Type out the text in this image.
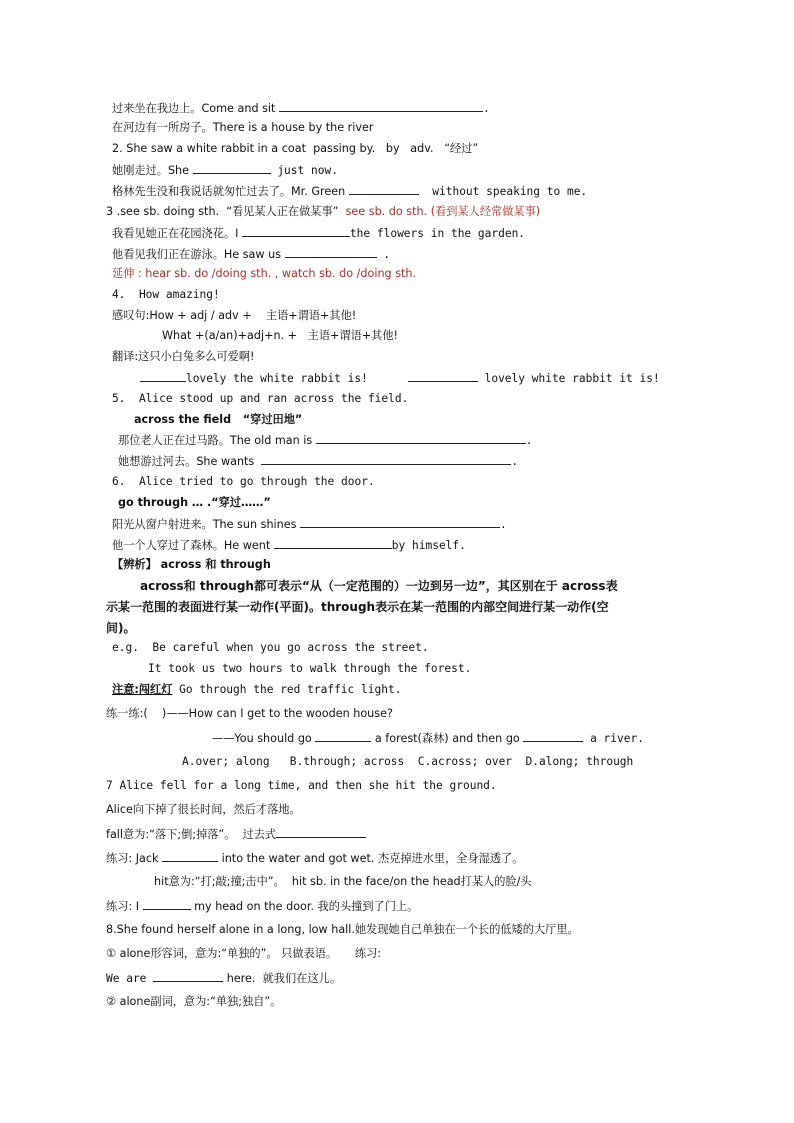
过来坐在我边上。Come and sit	.
在河边有一所房子。There is a house by the river
2. She saw a white rabbit in a coat  passing by.   by   adv.   “经过”
她刚走过。She	just now.
格林先生没和我说话就匆忙过去了。Mr. Green	without speaking to me.
3 .see sb. doing sth.  “看见某人正在做某事”  see sb. do sth. (看到某人经常做某事)
我看见她正在花园浇花。I	the flowers in the garden.
他看见我们正在游泳。He saw us	.
延伸 : hear sb. do /doing sth. , watch sb. do /doing sth.
4.  How amazing!
感叹句:How + adj / adv +    主语+谓语+其他!
What +(a/an)+adj+n. +   主语+谓语+其他!
翻译:这只小白兔多么可爱啊!
lovely the white rabbit is!	lovely white rabbit it is!
5.  Alice stood up and ran across the field.
across the field   “穿过田地”
那位老人正在过马路。The old man is	.
她想游过河去。She wants	.
6.  Alice tried to go through the door.
go through … .“穿过……”
阳光从窗户射进来。The sun shines	.
他一个人穿过了森林。He went	by himself.
【辨析】 across 和 through
across和 through都可表示“从（一定范围的）一边到另一边”，其区别在于 across表
示某一范围的表面进行某一动作(平面)。through表示在某一范围的内部空间进行某一动作(空
间)。
e.g.  Be careful when you go across the street.
It took us two hours to walk through the forest.
注意:闯红灯 Go through the red traffic light.
练一练:(    )——How can I get to the wooden house?
——You should go	a forest(森林) and then go	a river.
A.over; along   B.through; across  C.across; over  D.along; through
7 Alice fell for a long time, and then she hit the ground.
Alice向下掉了很长时间，然后才落地。
fall意为:“落下;倒;掉落”。  过去式
练习: Jack	into the water and got wet. 杰克掉进水里，全身湿透了。
hit意为:“打;敲;撞;击中”。  hit sb. in the face/on the head打某人的脸/头
练习: I	my head on the door. 我的头撞到了门上。
8.She found herself alone in a long, low hall.她发现她自己单独在一个长的低矮的大厅里。
① alone形容词，意为:“单独的”。 只做表语。     练习:
We are	here.  就我们在这儿。
② alone副词，意为:“单独;独自”。
